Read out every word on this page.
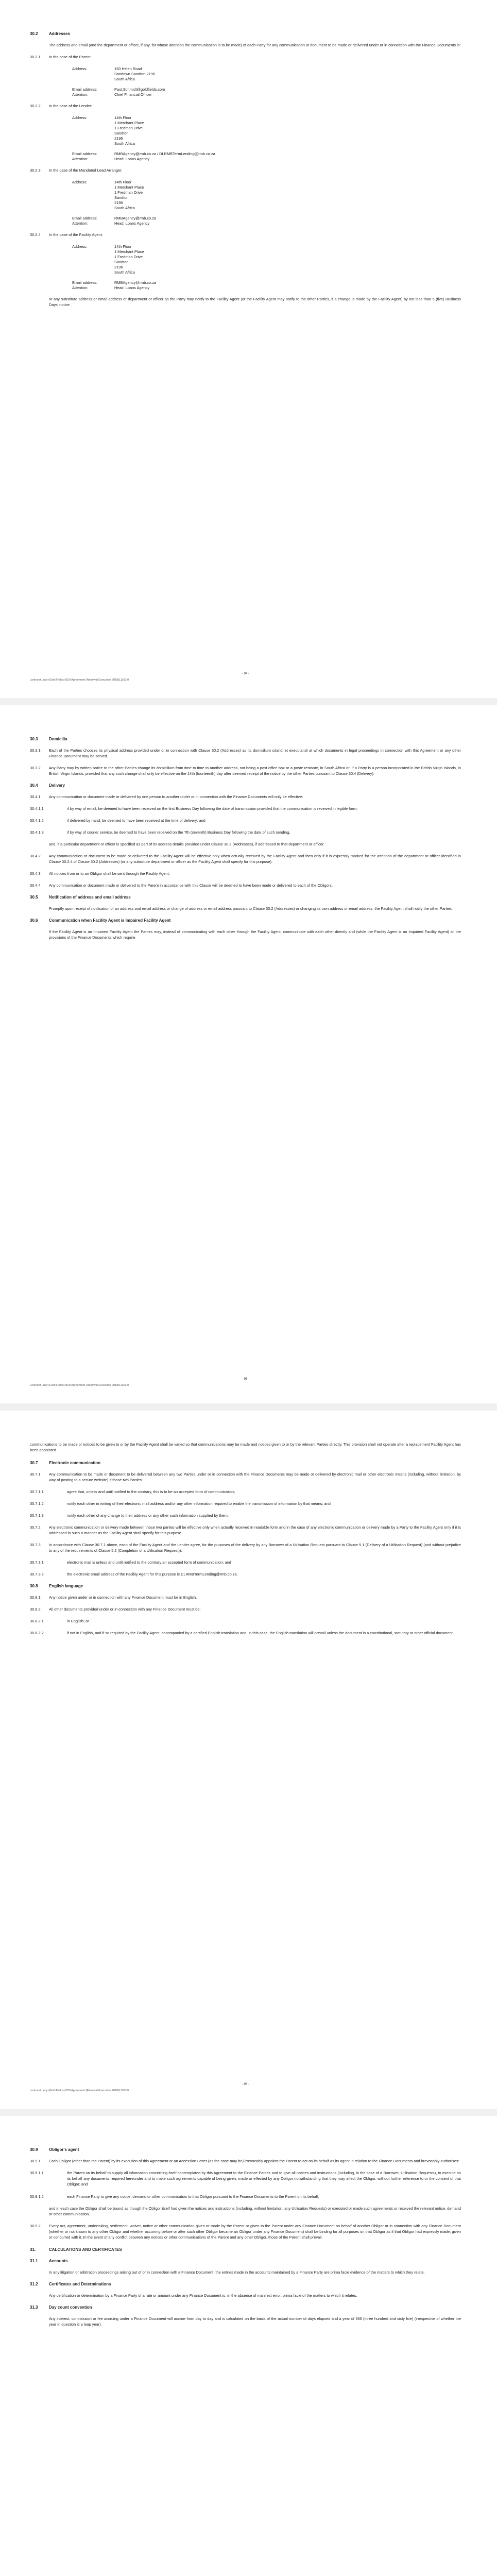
30.2	Addresses
The address and email (and the department or officer, if any, for whose attention the communication is to be made) of each Party for any communication or document to be made or delivered under or in connection with the Finance Documents is:
30.2.1 In the case of the Parent:
Address:	150 Helen Road
Sandown Sandton 2196
South Africa
Email address:	Paul.Schmidt@goldfields.com
Attention:	Chief Financial Officer
30.2.2 In the case of the Lender:
Address:	14th Floor
1 Merchant Place
1 Fredman Drive
Sandton
2196
South Africa
Email address:	RMBAgency@rmb.co.za / DLRMBTermLending@rmb.co.za
Attention:	Head: Loans Agency
30.2.3 In the case of the Mandated Lead Arranger:
Address:	14th Floor
1 Merchant Place
1 Fredman Drive
Sandton
2196
South Africa
Email address:	RMBAgency@rmb.co.za
Attention:	Head: Loans Agency
30.2.4 In the case of the Facility Agent:
Address:	14th Floor
1 Merchant Place
1 Fredman Drive
Sandton
2196
South Africa
Email address:	RMBAgency@rmb.co.za
Attention:	Head: Loans Agency
or any substitute address or email address or department or officer as the Party may notify to the Facility Agent (or the Facility Agent may notify to the other Parties, if a change is made by the Facility Agent) by not less than 5 (five) Business Days' notice.
Lonhurst Lucy (Gold Fields) B29 Agreement (Renewal Execution 2018)11163.0
- 94 -
30.3	Domicilia
30.3.1 Each of the Parties chooses its physical address provided under or in connection with Clause 30.2 (Addresses) as its domicilium citandi et executandi at which documents in legal proceedings in connection with this Agreement or any other Finance Document may be served.
30.3.2 Any Party may by written notice to the other Parties change its domicilium from time to time to another address, not being a post office box or a poste restante, in South Africa or, if a Party is a person incorporated in the British Virgin Islands, in British Virgin Islands, provided that any such change shall only be effective on the 14th (fourteenth) day after deemed receipt of the notice by the other Parties pursuant to Clause 30.4 (Delivery).
30.4	Delivery
30.4.1 Any communication or document made or delivered by one person to another under or in connection with the Finance Documents will only be effective:
30.4.1.1	if by way of email, be deemed to have been received on the first Business Day following the date of transmission provided that the communication is received in legible form;
30.4.1.2	if delivered by hand, be deemed to have been received at the time of delivery; and
30.4.1.3	if by way of courier service, be deemed to have been received on the 7th (seventh) Business Day following the date of such sending,
and, if a particular department or officer is specified as part of its address details provided under Clause 30.2 (Addresses), if addressed to that department or officer.
30.4.2 Any communication or document to be made or delivered to the Facility Agent will be effective only when actually received by the Facility Agent and then only if it is expressly marked for the attention of the department or officer identified in Clause 30.2.4 of Clause 30.2 (Addresses) (or any substitute department or officer as the Facility Agent shall specify for this purpose).
30.4.3 All notices from or to an Obligor shall be sent through the Facility Agent.
30.4.4 Any communication or document made or delivered to the Parent in accordance with this Clause will be deemed to have been made or delivered to each of the Obligors.
30.5	Notification of address and email address
Promptly upon receipt of notification of an address and email address or change of address or email address pursuant to Clause 30.2 (Addresses) or changing its own address or email address, the Facility Agent shall notify the other Parties.
30.6	Communication when Facility Agent is Impaired Facility Agent
If the Facility Agent is an Impaired Facility Agent the Parties may, instead of communicating with each other through the Facility Agent, communicate with each other directly and (while the Facility Agent is an Impaired Facility Agent) all the provisions of the Finance Documents which require
Lonhurst Lucy (Gold Fields) B29 Agreement (Renewal Execution 2018)11163.0
- 95 -
communications to be made or notices to be given to or by the Facility Agent shall be varied so that communications may be made and notices given to or by the relevant Parties directly. This provision shall not operate after a replacement Facility Agent has been appointed.
30.7	Electronic communication
30.7.1 Any communication to be made or document to be delivered between any two Parties under or in connection with the Finance Documents may be made or delivered by electronic mail or other electronic means (including, without limitation, by way of posting to a secure website) if those two Parties:
30.7.1.1	agree that, unless and until notified to the contrary, this is to be an accepted form of communication;
30.7.1.2	notify each other in writing of their electronic mail address and/or any other information required to enable the transmission of information by that means; and
30.7.1.3	notify each other of any change to their address or any other such information supplied by them.
30.7.2 Any electronic communication or delivery made between those two parties will be effective only when actually received in readable form and in the case of any electronic communication or delivery made by a Party to the Facility Agent only if it is addressed in such a manner as the Facility Agent shall specify for this purpose.
30.7.3 In accordance with Clause 30.7.1 above, each of the Facility Agent and the Lender agree, for the purposes of the delivery by any Borrower of a Utilisation Request pursuant to Clause 5.1 (Delivery of a Utilisation Request) (and without prejudice to any of the requirements of Clause 5.2 (Completion of a Utilisation Request)):
30.7.3.1	electronic mail is unless and until notified to the contrary an accepted form of communication; and
30.7.3.2	the electronic email address of the Facility Agent for this purpose is DLRMBTermLending@rmb.co.za.
30.8	English language
30.8.1 Any notice given under or in connection with any Finance Document must be in English.
30.8.2 All other documents provided under or in connection with any Finance Document must be:
30.8.2.1	in English; or
30.8.2.2	if not in English, and if so required by the Facility Agent, accompanied by a certified English translation and, in this case, the English translation will prevail unless the document is a constitutional, statutory or other official document.
Lonhurst Lucy (Gold Fields) B29 Agreement (Renewal Execution 2018)11163.0
- 96 -
30.9	Obligor's agent
30.9.1 Each Obligor (other than the Parent) by its execution of this Agreement or an Accession Letter (as the case may be) irrevocably appoints the Parent to act on its behalf as its agent in relation to the Finance Documents and irrevocably authorises:
30.9.1.1	the Parent on its behalf to supply all information concerning itself contemplated by this Agreement to the Finance Parties and to give all notices and instructions (including, in the case of a Borrower, Utilisation Requests), to execute on its behalf any documents required hereunder and to make such agreements capable of being given, made or effected by any Obligor notwithstanding that they may affect the Obligor, without further reference to or the consent of that Obligor; and
30.9.1.2	each Finance Party to give any notice, demand or other communication to that Obligor pursuant to the Finance Documents to the Parent on its behalf,
and in each case the Obligor shall be bound as though the Obligor itself had given the notices and instructions (including, without limitation, any Utilisation Requests) or executed or made such agreements or received the relevant notice, demand or other communication.
30.9.2 Every act, agreement, undertaking, settlement, waiver, notice or other communication given or made by the Parent or given to the Parent under any Finance Document on behalf of another Obligor or in connection with any Finance Document (whether or not known to any other Obligor and whether occurring before or after such other Obligor became an Obligor under any Finance Document) shall be binding for all purposes on that Obligor as if that Obligor had expressly made, given or concurred with it. In the event of any conflict between any notices or other communications of the Parent and any other Obligor, those of the Parent shall prevail.
31.	CALCULATIONS AND CERTIFICATES
31.1	Accounts
In any litigation or arbitration proceedings arising out of or in connection with a Finance Document, the entries made in the accounts maintained by a Finance Party are prima facie evidence of the matters to which they relate.
31.2	Certificates and Determinations
Any certification or determination by a Finance Party of a rate or amount under any Finance Document is, in the absence of manifest error, prima facie of the matters to which it relates.
31.3	Day count convention
Any interest, commission or fee accruing under a Finance Document will accrue from day to day and is calculated on the basis of the actual number of days elapsed and a year of 365 (three hundred and sixty five) (irrespective of whether the year in question is a leap year).
